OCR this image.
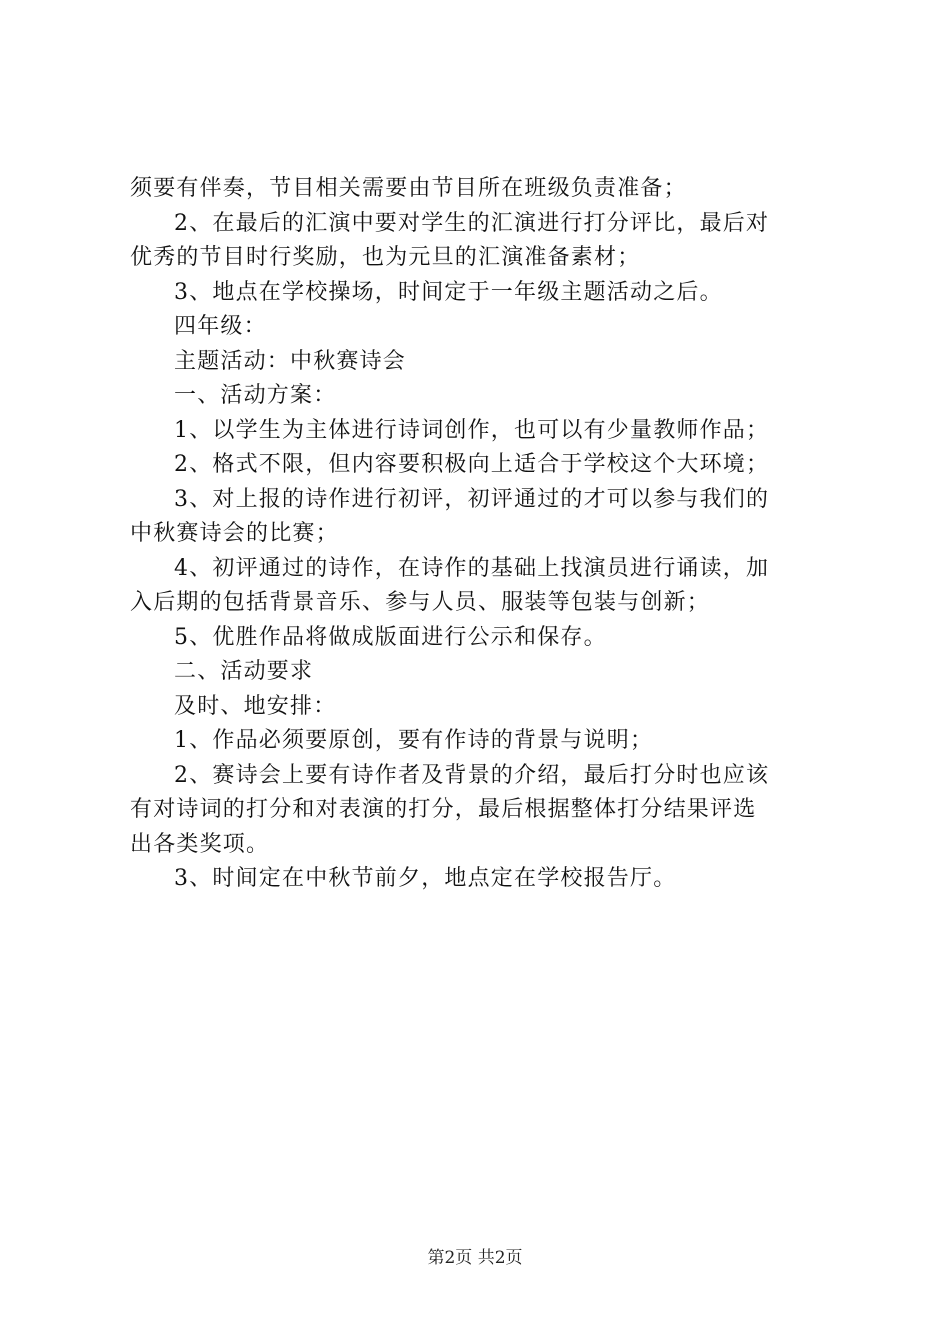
须要有伴奏，节目相关需要由节目所在班级负责准备；
2、在最后的汇演中要对学生的汇演进行打分评比，最后对
优秀的节目时行奖励，也为元旦的汇演准备素材；
3、地点在学校操场，时间定于一年级主题活动之后。
四年级：
主题活动：中秋赛诗会
一、活动方案：
1、以学生为主体进行诗词创作，也可以有少量教师作品；
2、格式不限，但内容要积极向上适合于学校这个大环境；
3、对上报的诗作进行初评，初评通过的才可以参与我们的
中秋赛诗会的比赛；
4、初评通过的诗作，在诗作的基础上找演员进行诵读，加
入后期的包括背景音乐、参与人员、服装等包装与创新；
5、优胜作品将做成版面进行公示和保存。
二、活动要求
及时、地安排：
1、作品必须要原创，要有作诗的背景与说明；
2、赛诗会上要有诗作者及背景的介绍，最后打分时也应该
有对诗词的打分和对表演的打分，最后根据整体打分结果评选
出各类奖项。
3、时间定在中秋节前夕，地点定在学校报告厅。
第2页 共2页
